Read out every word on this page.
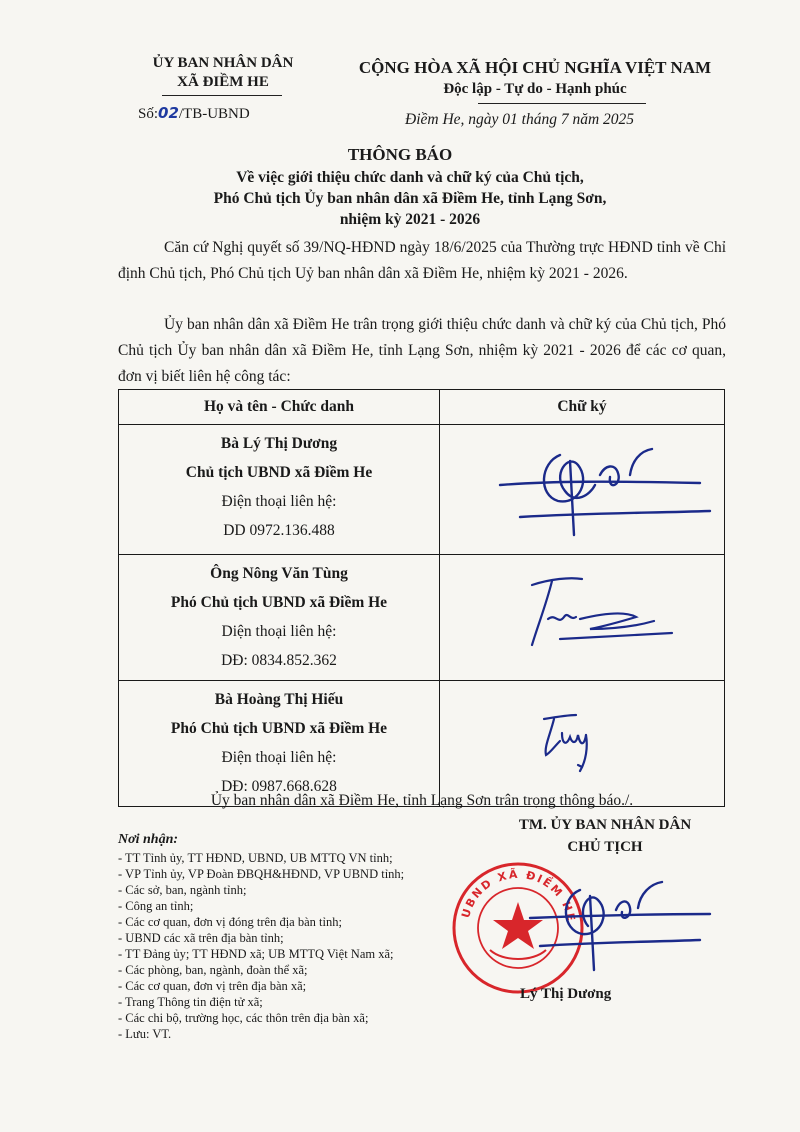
ỦY BAN NHÂN DÂN
XÃ ĐIỀM HE
Số:02/TB-UBND
CỘNG HÒA XÃ HỘI CHỦ NGHĨA VIỆT NAM
Độc lập - Tự do - Hạnh phúc
Điềm He, ngày 01 tháng 7 năm 2025
THÔNG BÁO
Về việc giới thiệu chức danh và chữ ký của Chủ tịch,
Phó Chủ tịch Ủy ban nhân dân xã Điềm He, tỉnh Lạng Sơn,
nhiệm kỳ 2021 - 2026
Căn cứ Nghị quyết số 39/NQ-HĐND ngày 18/6/2025 của Thường trực HĐND tỉnh về Chỉ định Chủ tịch, Phó Chủ tịch Uỷ ban nhân dân xã Điềm He, nhiệm kỳ 2021 - 2026.
Ủy ban nhân dân xã Điềm He trân trọng giới thiệu chức danh và chữ ký của Chủ tịch, Phó Chủ tịch Ủy ban nhân dân xã Điềm He, tỉnh Lạng Sơn, nhiệm kỳ 2021 - 2026 để các cơ quan, đơn vị biết liên hệ công tác:
Họ và tên - Chức danh	Chữ ký

Bà Lý Thị Dương
Chủ tịch UBND xã Điềm He
Điện thoại liên hệ:
DD 0972.136.488

Ông Nông Văn Tùng
Phó Chủ tịch UBND xã Điềm He
Diện thoại liên hệ:
DĐ: 0834.852.362

Bà Hoàng Thị Hiếu
Phó Chủ tịch UBND xã Điềm He
Điện thoại liên hệ:
DĐ: 0987.668.628

Ủy ban nhân dân xã Điềm He, tỉnh Lạng Sơn trân trọng thông báo./.
Nơi nhận:
- TT Tỉnh ủy, TT HĐND, UBND, UB MTTQ VN tỉnh;
- VP Tỉnh ủy, VP Đoàn ĐBQH&HĐND, VP UBND tỉnh;
- Các sở, ban, ngành tỉnh;
- Công an tỉnh;
- Các cơ quan, đơn vị đóng trên địa bàn tỉnh;
- UBND các xã trên địa bàn tỉnh;
- TT Đảng ủy; TT HĐND xã; UB MTTQ Việt Nam xã;
- Các phòng, ban, ngành, đoàn thể xã;
- Các cơ quan, đơn vị trên địa bàn xã;
- Trang Thông tin điện tử xã;
- Các chi bộ, trường học, các thôn trên địa bàn xã;
- Lưu: VT.
TM. ỦY BAN NHÂN DÂN
CHỦ TỊCH
UBND XÃ ĐIỀM HE
Lý Thị Dương
